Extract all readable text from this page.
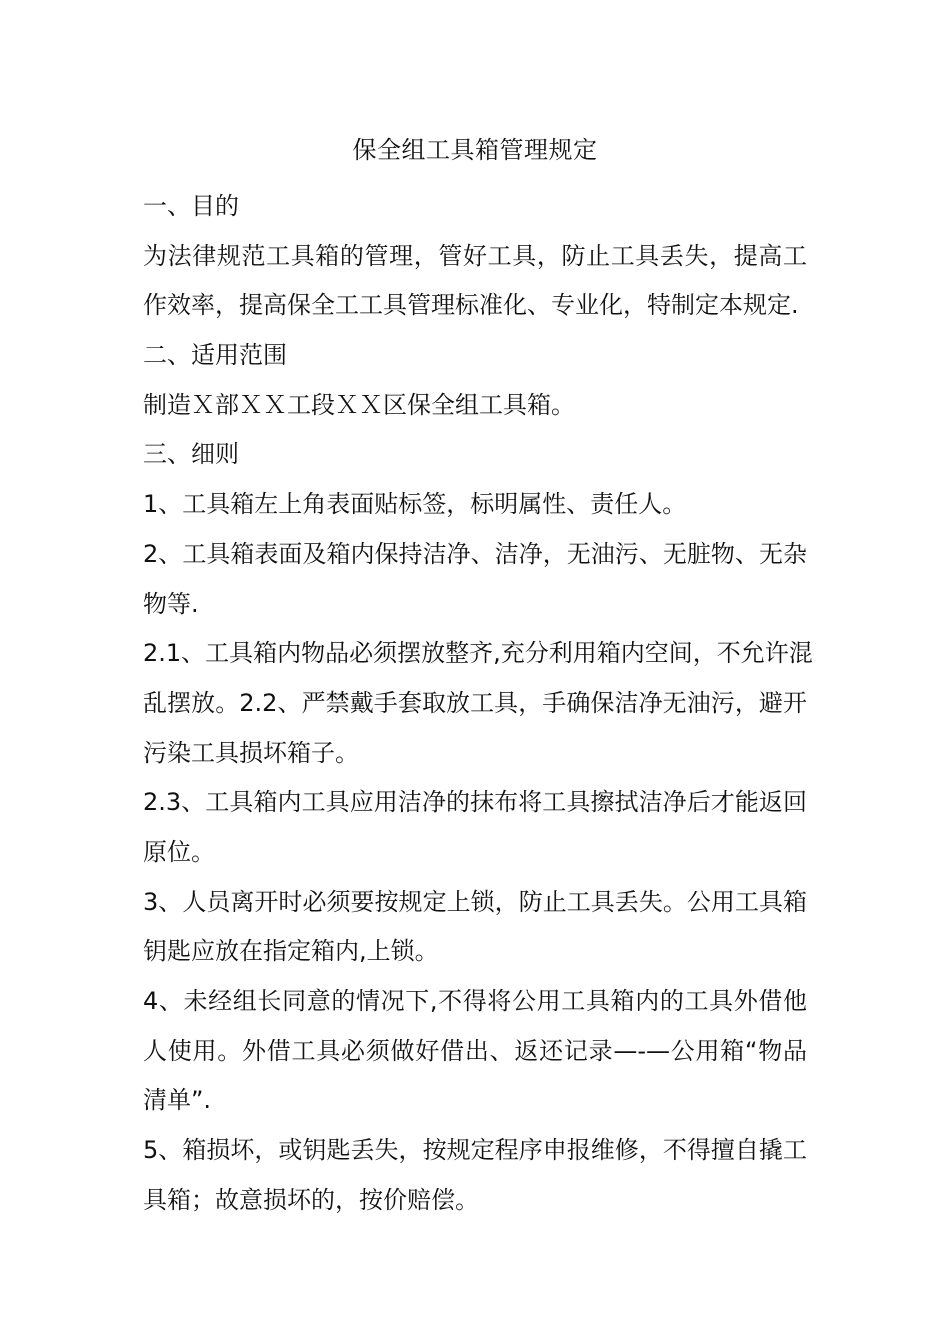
保全组工具箱管理规定
一、目的
为法律规范工具箱的管理，管好工具，防止工具丢失，提高工
作效率，提高保全工工具管理标准化、专业化，特制定本规定.
二、适用范围
制造Ｘ部ＸＸ工段ＸＸ区保全组工具箱。
三、细则
1、工具箱左上角表面贴标签，标明属性、责任人。
2、工具箱表面及箱内保持洁净、洁净，无油污、无脏物、无杂
物等.
2.1、工具箱内物品必须摆放整齐,充分利用箱内空间，不允许混
乱摆放。2.2、严禁戴手套取放工具，手确保洁净无油污，避开
污染工具损坏箱子。
2.3、工具箱内工具应用洁净的抹布将工具擦拭洁净后才能返回
原位。
3、人员离开时必须要按规定上锁，防止工具丢失。公用工具箱
钥匙应放在指定箱内,上锁。
4、未经组长同意的情况下,不得将公用工具箱内的工具外借他
人使用。外借工具必须做好借出、返还记录—-—公用箱“物品
清单”.
5、箱损坏，或钥匙丢失，按规定程序申报维修，不得擅自撬工
具箱；故意损坏的，按价赔偿。
